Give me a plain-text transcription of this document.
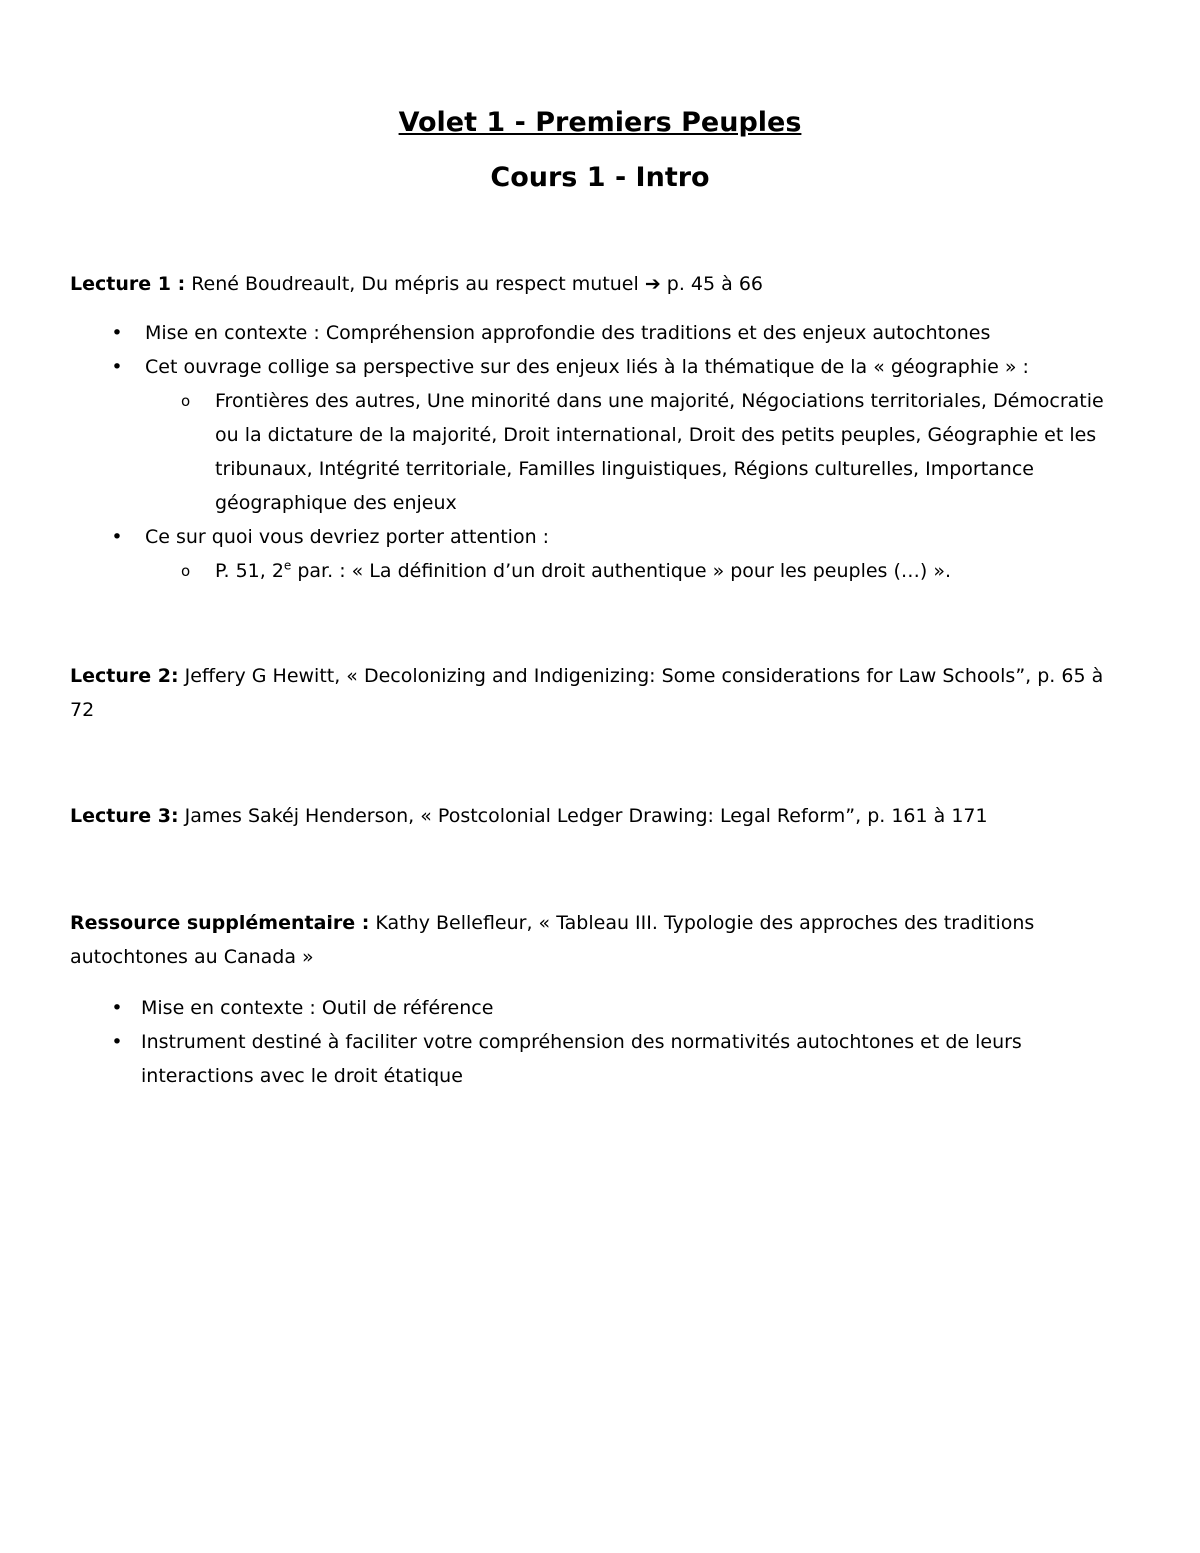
Volet 1 - Premiers Peuples
Cours 1 - Intro

Lecture 1 : René Boudreault, Du mépris au respect mutuel ➔ p. 45 à 66

• Mise en contexte : Compréhension approfondie des traditions et des enjeux autochtones
• Cet ouvrage collige sa perspective sur des enjeux liés à la thématique de la « géographie » :
o Frontières des autres, Une minorité dans une majorité, Négociations territoriales, Démocratie ou la dictature de la majorité, Droit international, Droit des petits peuples, Géographie et les tribunaux, Intégrité territoriale, Familles linguistiques, Régions culturelles, Importance géographique des enjeux
• Ce sur quoi vous devriez porter attention :
o P. 51, 2e par. : « La définition d’un droit authentique » pour les peuples (…) ».

Lecture 2: Jeffery G Hewitt, « Decolonizing and Indigenizing: Some considerations for Law Schools”, p. 65 à 72

Lecture 3: James Sakéj Henderson, « Postcolonial Ledger Drawing: Legal Reform”, p. 161 à 171

Ressource supplémentaire : Kathy Bellefleur, « Tableau III. Typologie des approches des traditions autochtones au Canada »

• Mise en contexte : Outil de référence
• Instrument destiné à faciliter votre compréhension des normativités autochtones et de leurs interactions avec le droit étatique
